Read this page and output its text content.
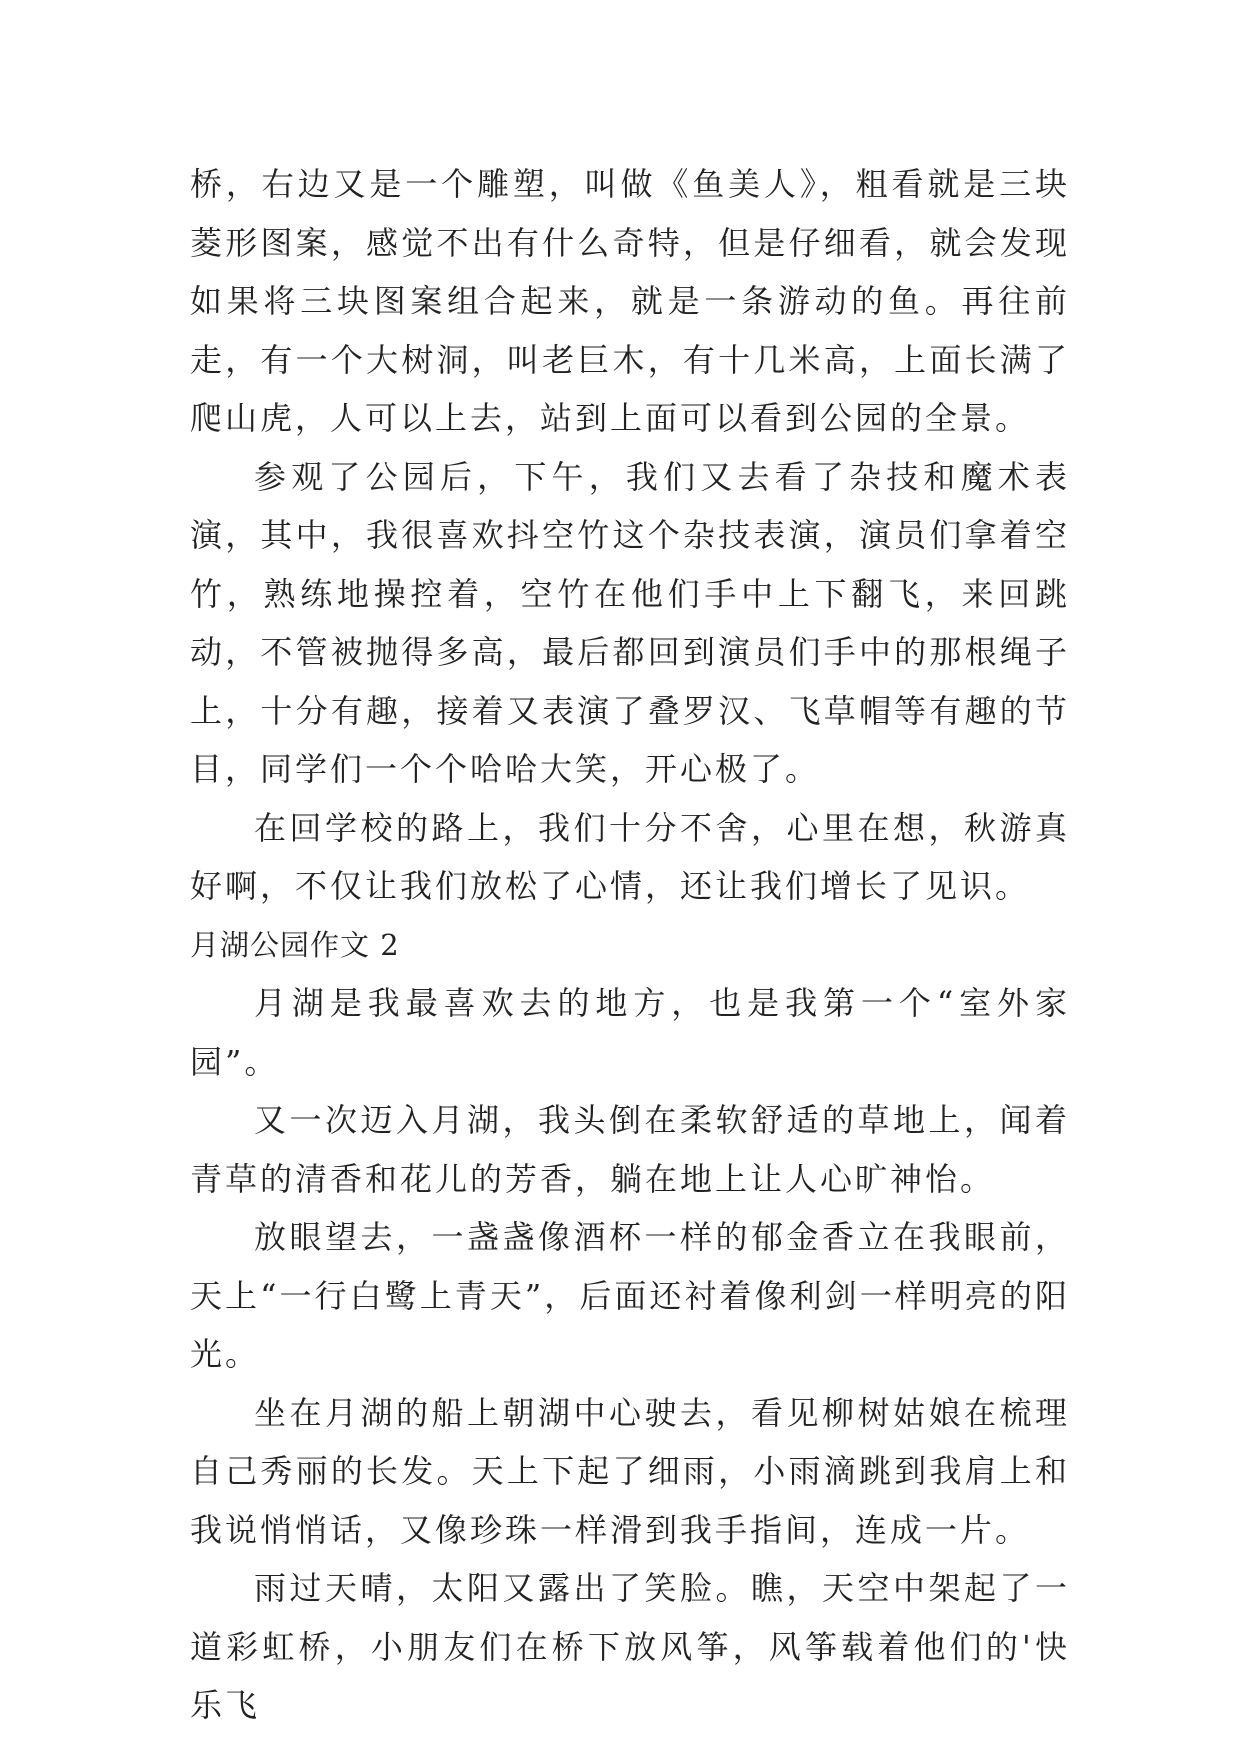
桥，右边又是一个雕塑，叫做《鱼美人》，粗看就是三块菱形图案，感觉不出有什么奇特，但是仔细看，就会发现如果将三块图案组合起来，就是一条游动的鱼。再往前走，有一个大树洞，叫老巨木，有十几米高，上面长满了爬山虎，人可以上去，站到上面可以看到公园的全景。

参观了公园后，下午，我们又去看了杂技和魔术表演，其中，我很喜欢抖空竹这个杂技表演，演员们拿着空竹，熟练地操控着，空竹在他们手中上下翻飞，来回跳动，不管被抛得多高，最后都回到演员们手中的那根绳子上，十分有趣，接着又表演了叠罗汉、飞草帽等有趣的节目，同学们一个个哈哈大笑，开心极了。

在回学校的路上，我们十分不舍，心里在想，秋游真好啊，不仅让我们放松了心情，还让我们增长了见识。

月湖公园作文 2

月湖是我最喜欢去的地方，也是我第一个“室外家园”。

又一次迈入月湖，我头倒在柔软舒适的草地上，闻着青草的清香和花儿的芳香，躺在地上让人心旷神怡。

放眼望去，一盏盏像酒杯一样的郁金香立在我眼前，天上“一行白鹭上青天”，后面还衬着像利剑一样明亮的阳光。

坐在月湖的船上朝湖中心驶去，看见柳树姑娘在梳理自己秀丽的长发。天上下起了细雨，小雨滴跳到我肩上和我说悄悄话，又像珍珠一样滑到我手指间，连成一片。

雨过天晴，太阳又露出了笑脸。瞧，天空中架起了一道彩虹桥，小朋友们在桥下放风筝，风筝载着他们的'快乐飞
